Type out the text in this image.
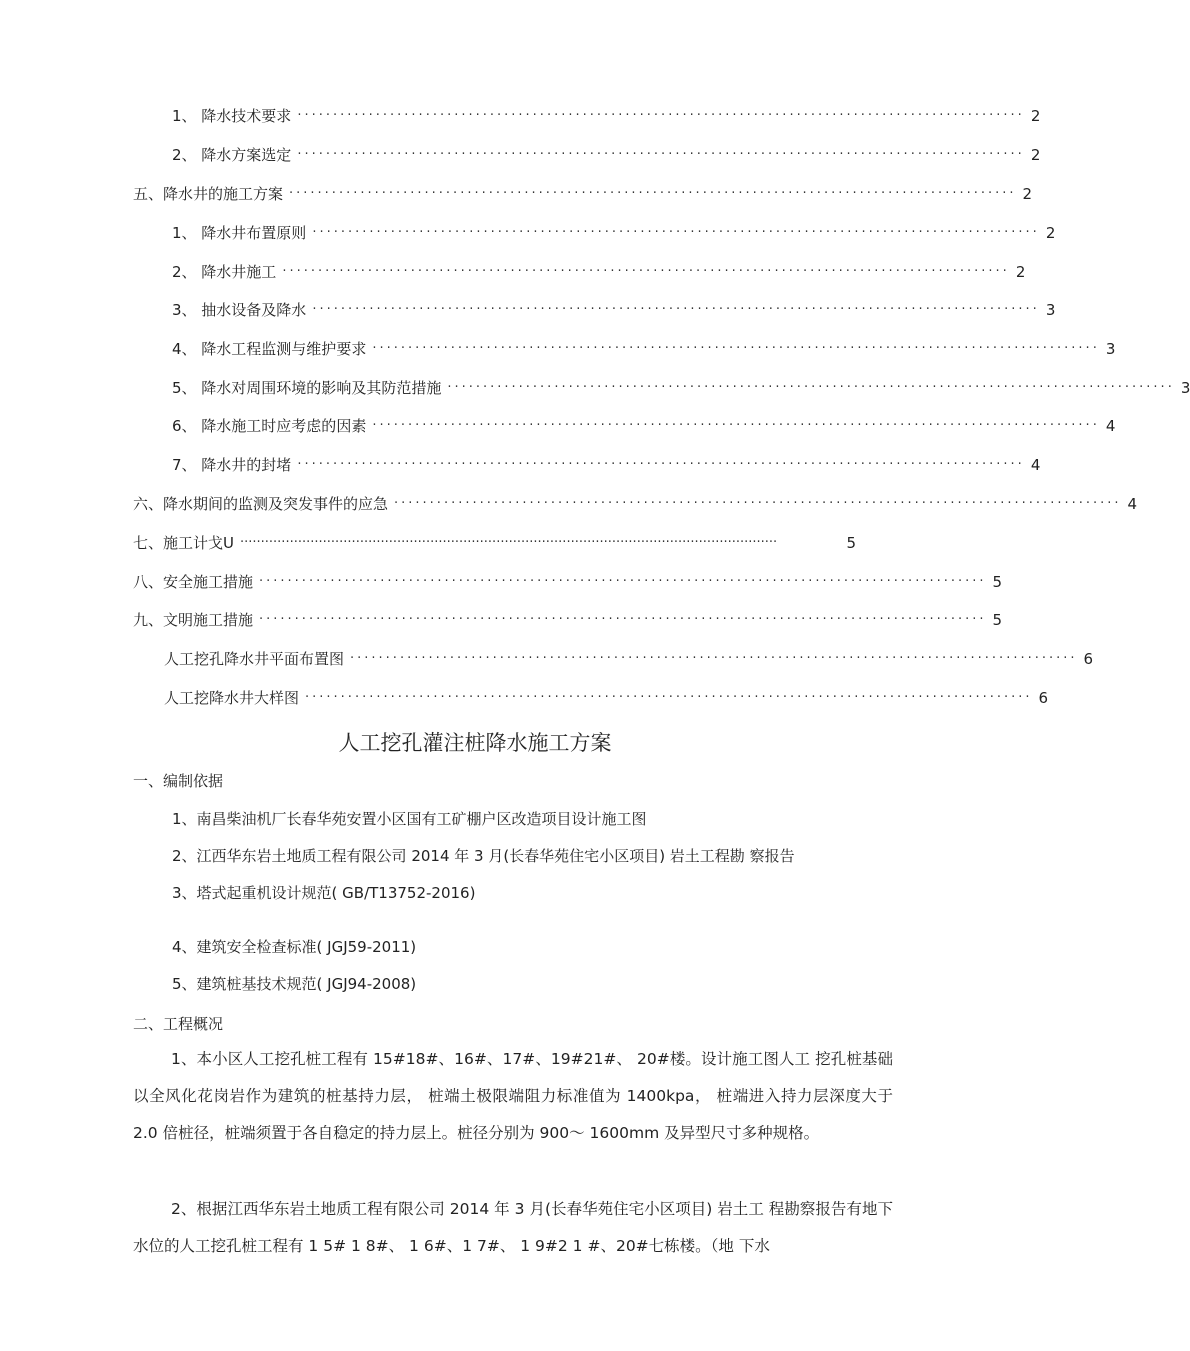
1、 降水技术要求 ······································································································ 2
2、 降水方案选定 ······································································································ 2
五、降水井的施工方案 ······································································································ 2
1、 降水井布置原则 ······································································································ 2
2、 降水井施工 ······································································································ 2
3、 抽水设备及降水 ······································································································ 3
4、 降水工程监测与维护要求 ······································································································ 3
5、 降水对周围环境的影响及其防范措施 ······································································································ 3
6、 降水施工时应考虑的因素 ······································································································ 4
7、 降水井的封堵 ······································································································ 4
六、降水期间的监测及突发事件的应急 ······································································································ 4
七、施工计戈U ··································································································································	5
八、安全施工措施 ······································································································ 5
九、文明施工措施 ······································································································ 5
人工挖孔降水井平面布置图 ······································································································ 6
人工挖降水井大样图 ······································································································ 6
人工挖孔灌注桩降水施工方案
一、编制依据
1、南昌柴油机厂长春华苑安置小区国有工矿棚户区改造项目设计施工图
2、江西华东岩土地质工程有限公司 2014 年 3 月(长春华苑住宅小区项目) 岩土工程勘 察报告
3、塔式起重机设计规范( GB/T13752-2016)
4、建筑安全检查标准( JGJ59-2011)
5、建筑桩基技术规范( JGJ94-2008)
二、工程概况
1、本小区人工挖孔桩工程有 15#18#、16#、17#、19#21#、 20#楼。设计施工图人工 挖孔桩基础以全风化花岗岩作为建筑的桩基持力层， 桩端土极限端阻力标准值为 1400kpa， 桩端进入持力层深度大于 2.0 倍桩径，桩端须置于各自稳定的持力层上。桩径分别为 900～ 1600mm 及异型尺寸多种规格。
2、根据江西华东岩土地质工程有限公司 2014 年 3 月(长春华苑住宅小区项目) 岩土工 程勘察报告有地下水位的人工挖孔桩工程有 1 5# 1 8#、 1 6#、1 7#、 1 9#2 1 #、20#七栋楼。（地 下水
